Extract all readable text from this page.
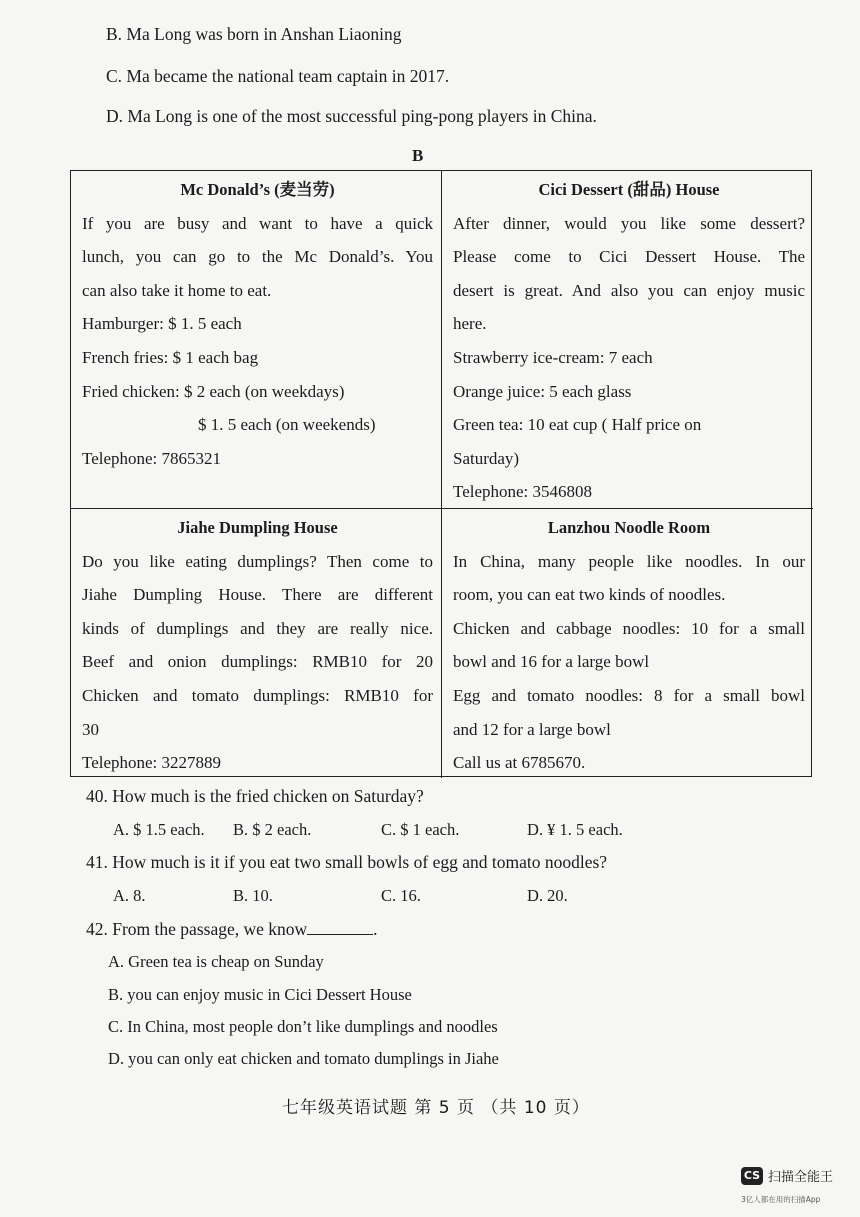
B. Ma Long was born in Anshan Liaoning
C. Ma became the national team captain in 2017.
D. Ma Long is one of the most successful ping-pong players in China.
B
Mc Donald’s (麦当劳)
If you are busy and want to have a quick
lunch, you can go to the Mc Donald’s. You
can also take it home to eat.
Hamburger: $ 1. 5 each
French fries: $ 1 each bag
Fried chicken: $ 2 each (on weekdays)
$ 1. 5 each (on weekends)
Telephone: 7865321
Cici Dessert (甜品) House
After dinner, would you like some dessert?
Please come to Cici Dessert House. The
desert is great. And also you can enjoy music
here.
Strawberry ice-cream: 7 each
Orange juice: 5 each glass
Green tea: 10 eat cup ( Half price on
Saturday)
Telephone: 3546808
Jiahe Dumpling House
Do you like eating dumplings? Then come to
Jiahe Dumpling House. There are different
kinds of dumplings and they are really nice.
Beef and onion dumplings: RMB10 for 20
Chicken and tomato dumplings: RMB10 for
30
Telephone: 3227889
Lanzhou Noodle Room
In China, many people like noodles. In our
room, you can eat two kinds of noodles.
Chicken and cabbage noodles: 10 for a small
bowl and 16 for a large bowl
Egg and tomato noodles: 8 for a small bowl
and 12 for a large bowl
Call us at 6785670.
40. How much is the fried chicken on Saturday?
A. $ 1.5 each. B. $ 2 each.	C. $ 1 each.	D. ¥ 1. 5 each.
41. How much is it if you eat two small bowls of egg and tomato noodles?
A. 8.	B. 10.	C. 16.	D. 20.
42. From the passage, we know	.
A. Green tea is cheap on Sunday
B. you can enjoy music in Cici Dessert House
C. In China, most people don’t like dumplings and noodles
D. you can only eat chicken and tomato dumplings in Jiahe
七年级英语试题 第 5 页 （共 10 页）
CS 扫描全能王
3亿人都在用的扫描App
